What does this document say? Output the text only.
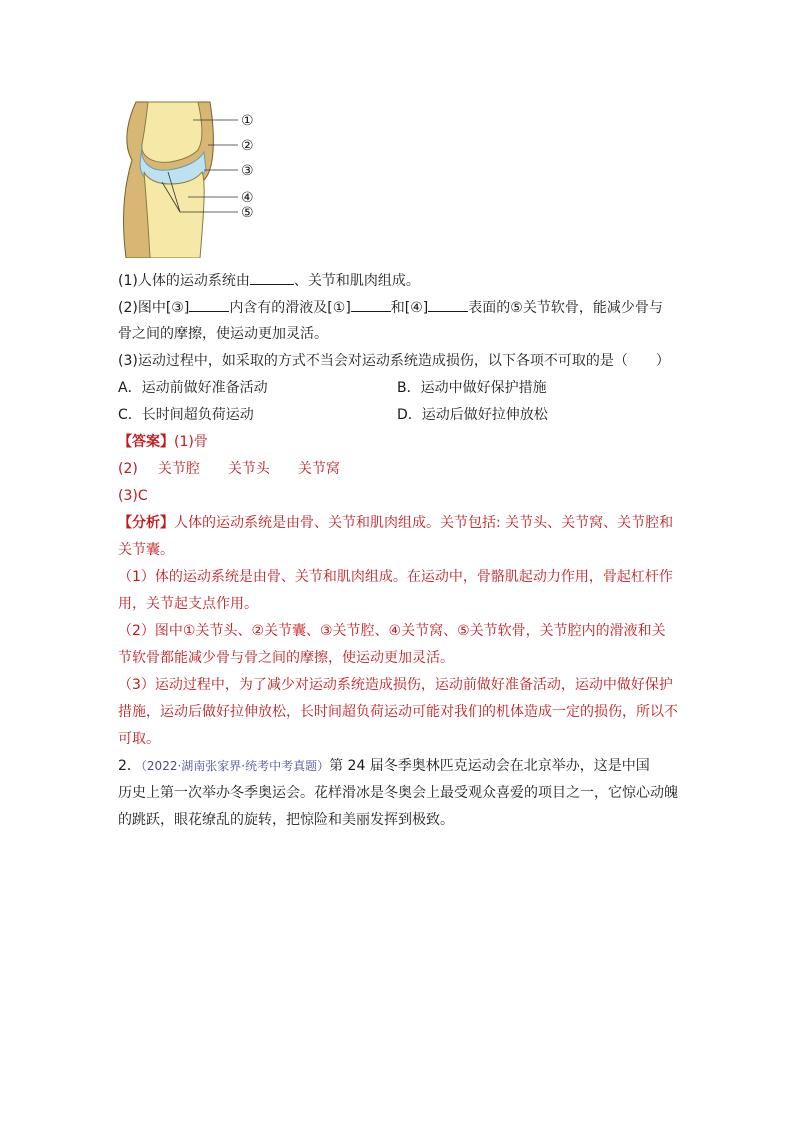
①
②
③
④
⑤
(1)人体的运动系统由	、关节和肌肉组成。
(2)图中[③]	内含有的滑液及[①]	和[④]	表面的⑤关节软骨，能减少骨与
骨之间的摩擦，使运动更加灵活。
(3)运动过程中，如采取的方式不当会对运动系统造成损伤，以下各项不可取的是（　　）
A．运动前做好准备活动	B．运动中做好保护措施
C．长时间超负荷运动	D．运动后做好拉伸放松
【答案】(1)骨
(2) 关节腔 关节头 关节窝
(3)C
【分析】人体的运动系统是由骨、关节和肌肉组成。关节包括: 关节头、关节窝、关节腔和
关节囊。
（1）体的运动系统是由骨、关节和肌肉组成。在运动中，骨骼肌起动力作用，骨起杠杆作
用，关节起支点作用。
（2）图中①关节头、②关节囊、③关节腔、④关节窝、⑤关节软骨，关节腔内的滑液和关
节软骨都能减少骨与骨之间的摩擦，使运动更加灵活。
（3）运动过程中，为了减少对运动系统造成损伤，运动前做好准备活动，运动中做好保护
措施，运动后做好拉伸放松，长时间超负荷运动可能对我们的机体造成一定的损伤，所以不
可取。
2．（2022·湖南张家界·统考中考真题）第 24 届冬季奥林匹克运动会在北京举办，这是中国
历史上第一次举办冬季奥运会。花样滑冰是冬奥会上最受观众喜爱的项目之一，它惊心动魄
的跳跃，眼花缭乱的旋转，把惊险和美丽发挥到极致。
